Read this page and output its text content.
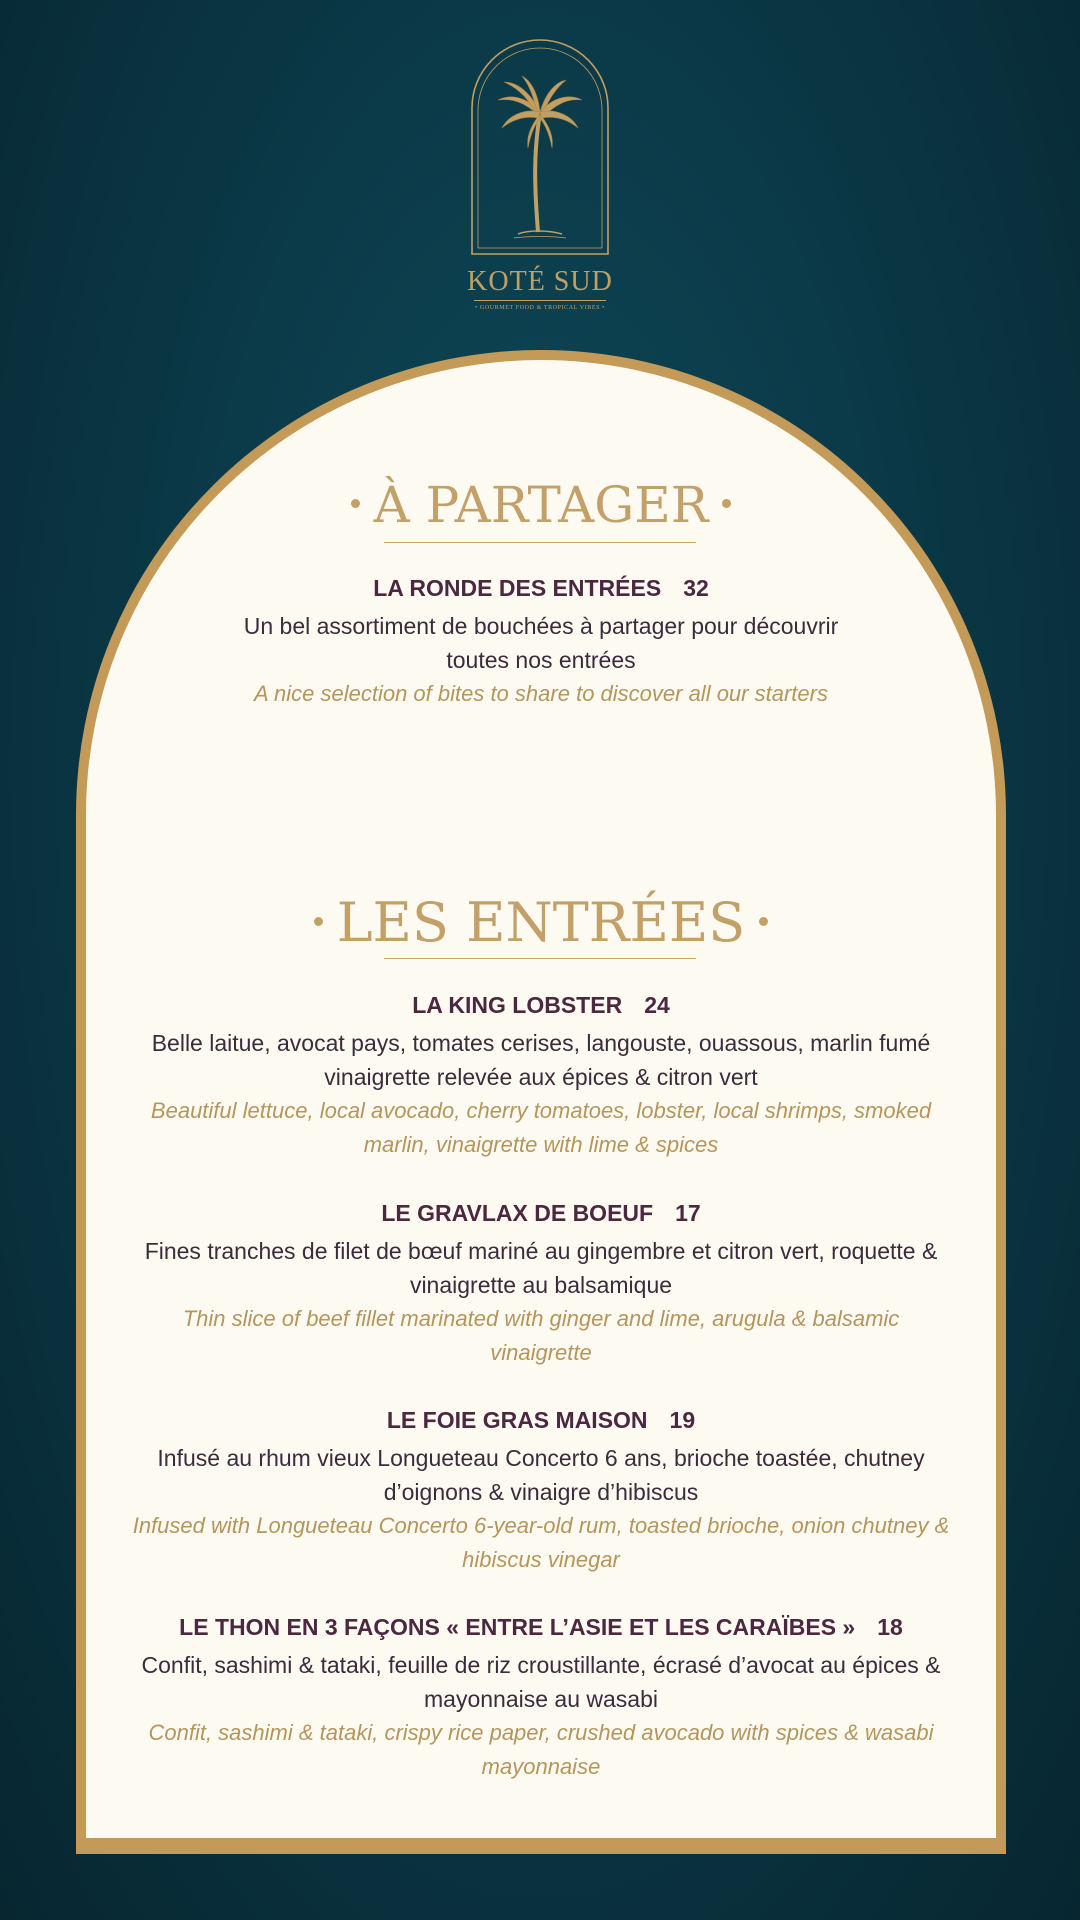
KOTÉ SUD
• GOURMET FOOD & TROPICAL VIBES •
À PARTAGER
LA RONDE DES ENTRÉES 32
Un bel assortiment de bouchées à partager pour découvrir toutes nos entrées
A nice selection of bites to share to discover all our starters
LES ENTRÉES
LA KING LOBSTER 24
Belle laitue, avocat pays, tomates cerises, langouste, ouassous, marlin fumé vinaigrette relevée aux épices & citron vert
Beautiful lettuce, local avocado, cherry tomatoes, lobster, local shrimps, smoked marlin, vinaigrette with lime & spices
LE GRAVLAX DE BOEUF 17
Fines tranches de filet de bœuf mariné au gingembre et citron vert, roquette & vinaigrette au balsamique
Thin slice of beef fillet marinated with ginger and lime, arugula & balsamic vinaigrette
LE FOIE GRAS MAISON 19
Infusé au rhum vieux Longueteau Concerto 6 ans, brioche toastée, chutney d’oignons & vinaigre d’hibiscus
Infused with Longueteau Concerto 6-year-old rum, toasted brioche, onion chutney & hibiscus vinegar
LE THON EN 3 FAÇONS « ENTRE L’ASIE ET LES CARAÏBES » 18
Confit, sashimi & tataki, feuille de riz croustillante, écrasé d’avocat au épices & mayonnaise au wasabi
Confit, sashimi & tataki, crispy rice paper, crushed avocado with spices & wasabi mayonnaise
